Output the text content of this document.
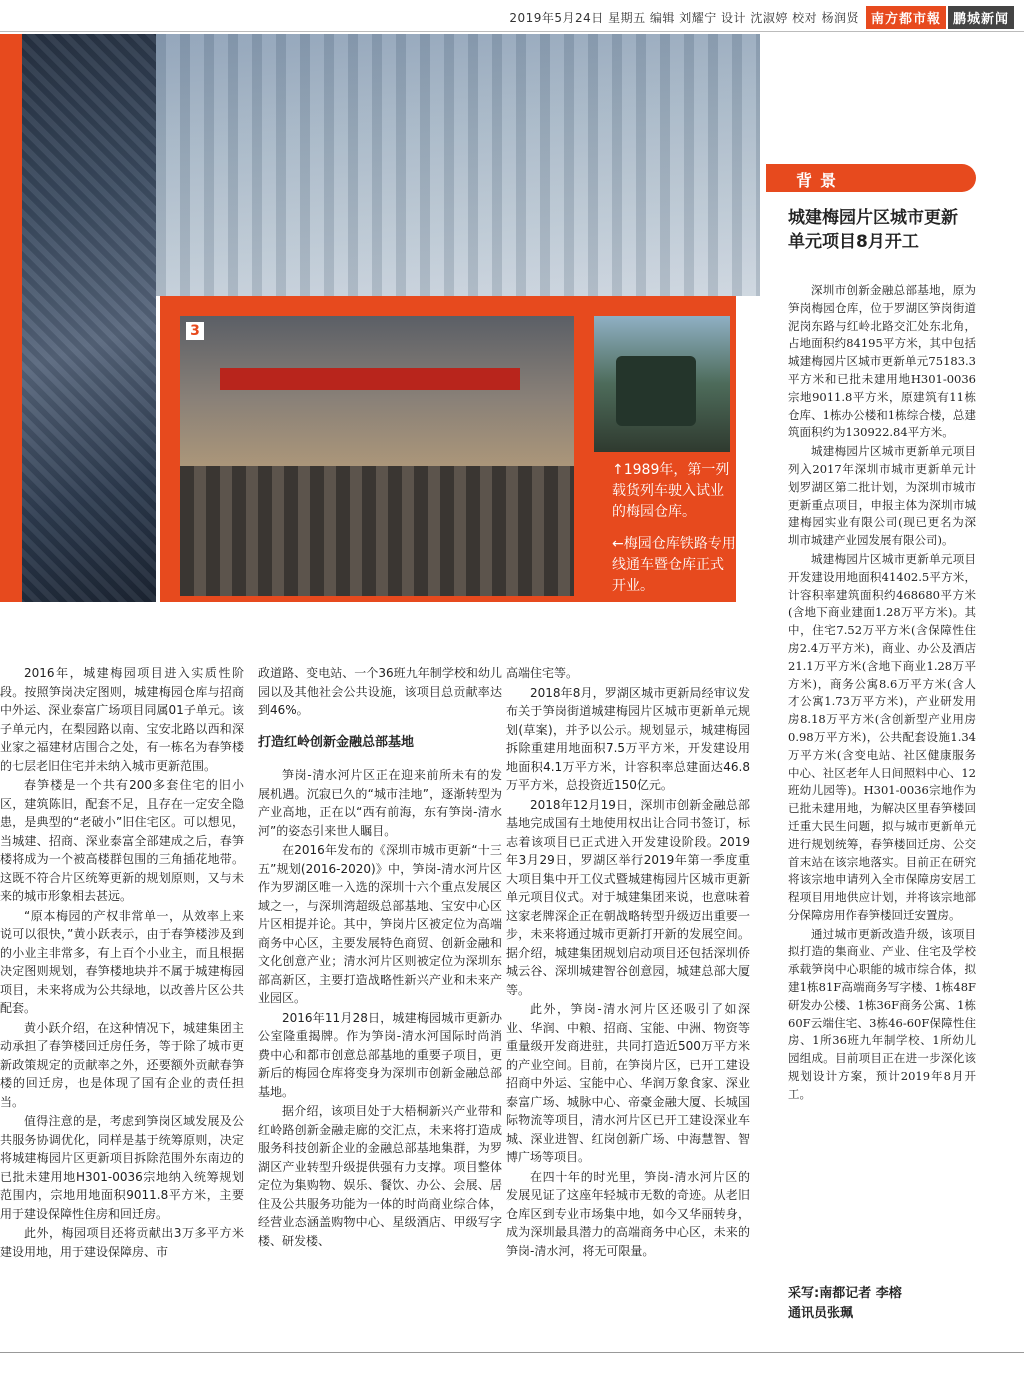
2019年5月24日 星期五 编辑 刘耀宁 设计 沈淑婷 校对 杨润贤 南方都市報 鹏城新闻
3
↑1989年，第一列载货列车驶入试业的梅园仓库。
←梅园仓库铁路专用线通车暨仓库正式开业。
背景
城建梅园片区城市更新单元项目8月开工

深圳市创新金融总部基地，原为笋岗梅园仓库，位于罗湖区笋岗街道泥岗东路与红岭北路交汇处东北角，占地面积约84195平方米，其中包括城建梅园片区城市更新单元75183.3平方米和已批未建用地H301-0036宗地9011.8平方米，原建筑有11栋仓库、1栋办公楼和1栋综合楼，总建筑面积约为130922.84平方米。

城建梅园片区城市更新单元项目列入2017年深圳市城市更新单元计划罗湖区第二批计划，为深圳市城市更新重点项目，申报主体为深圳市城建梅园实业有限公司(现已更名为深圳市城建产业园发展有限公司)。

城建梅园片区城市更新单元项目开发建设用地面积41402.5平方米，计容积率建筑面积约468680平方米(含地下商业建面1.28万平方米)。其中，住宅7.52万平方米(含保障性住房2.4万平方米)，商业、办公及酒店21.1万平方米(含地下商业1.28万平方米)，商务公寓8.6万平方米(含人才公寓1.73万平方米)，产业研发用房8.18万平方米(含创新型产业用房0.98万平方米)，公共配套设施1.34万平方米(含变电站、社区健康服务中心、社区老年人日间照料中心、12班幼儿园等)。H301-0036宗地作为已批未建用地，为解决区里春笋楼回迁重大民生问题，拟与城市更新单元进行规划统筹，春笋楼回迁房、公交首末站在该宗地落实。目前正在研究将该宗地申请列入全市保障房安居工程项目用地供应计划，并将该宗地部分保障房用作春笋楼回迁安置房。

通过城市更新改造升级，该项目拟打造的集商业、产业、住宅及学校承载笋岗中心职能的城市综合体，拟建1栋81F高端商务写字楼、1栋48F研发办公楼、1栋36F商务公寓、1栋60F云端住宅、3栋46-60F保障性住房、1所36班九年制学校、1所幼儿园组成。目前项目正在进一步深化该规划设计方案，预计2019年8月开工。

采写:南都记者 李榕
通讯员张珮

2016年，城建梅园项目进入实质性阶段。按照笋岗决定图则，城建梅园仓库与招商中外运、深业泰富广场项目同属01子单元。该子单元内，在梨园路以南、宝安北路以西和深业家之福建材店围合之处，有一栋名为春笋楼的七层老旧住宅并未纳入城市更新范围。

春笋楼是一个共有200多套住宅的旧小区，建筑陈旧，配套不足，且存在一定安全隐患，是典型的“老破小”旧住宅区。可以想见，当城建、招商、深业泰富全部建成之后，春笋楼将成为一个被高楼群包围的三角插花地带。这既不符合片区统筹更新的规划原则，又与未来的城市形象相去甚远。

“原本梅园的产权非常单一，从效率上来说可以很快，”黄小跃表示，由于春笋楼涉及到的小业主非常多，有上百个小业主，而且根据决定图则规划，春笋楼地块并不属于城建梅园项目，未来将成为公共绿地，以改善片区公共配套。

黄小跃介绍，在这种情况下，城建集团主动承担了春笋楼回迁房任务，等于除了城市更新政策规定的贡献率之外，还要额外贡献春笋楼的回迁房，也是体现了国有企业的责任担当。

值得注意的是，考虑到笋岗区域发展及公共服务协调优化，同样是基于统筹原则，决定将城建梅园片区更新项目拆除范围外东南边的已批未建用地H301-0036宗地纳入统筹规划范围内，宗地用地面积9011.8平方米，主要用于建设保障性住房和回迁房。

此外，梅园项目还将贡献出3万多平方米建设用地，用于建设保障房、市

政道路、变电站、一个36班九年制学校和幼儿园以及其他社会公共设施，该项目总贡献率达到46%。

打造红岭创新金融总部基地

笋岗-清水河片区正在迎来前所未有的发展机遇。沉寂已久的“城市洼地”，逐渐转型为产业高地，正在以“西有前海，东有笋岗-清水河”的姿态引来世人瞩目。

在2016年发布的《深圳市城市更新“十三五”规划(2016-2020)》中，笋岗-清水河片区作为罗湖区唯一入选的深圳十六个重点发展区域之一，与深圳湾超级总部基地、宝安中心区片区相提并论。其中，笋岗片区被定位为高端商务中心区，主要发展特色商贸、创新金融和文化创意产业；清水河片区则被定位为深圳东部高新区，主要打造战略性新兴产业和未来产业园区。

2016年11月28日，城建梅园城市更新办公室隆重揭牌。作为笋岗-清水河国际时尚消费中心和都市创意总部基地的重要子项目，更新后的梅园仓库将变身为深圳市创新金融总部基地。

据介绍，该项目处于大梧桐新兴产业带和红岭路创新金融走廊的交汇点，未来将打造成服务科技创新企业的金融总部基地集群，为罗湖区产业转型升级提供强有力支撑。项目整体定位为集购物、娱乐、餐饮、办公、会展、居住及公共服务功能为一体的时尚商业综合体，经营业态涵盖购物中心、星级酒店、甲级写字楼、研发楼、

高端住宅等。

2018年8月，罗湖区城市更新局经审议发布关于笋岗街道城建梅园片区城市更新单元规划(草案)，并予以公示。规划显示，城建梅园拆除重建用地面积7.5万平方米，开发建设用地面积4.1万平方米，计容积率总建面达46.8万平方米，总投资近150亿元。

2018年12月19日，深圳市创新金融总部基地完成国有土地使用权出让合同书签订，标志着该项目已正式进入开发建设阶段。2019年3月29日，罗湖区举行2019年第一季度重大项目集中开工仪式暨城建梅园片区城市更新单元项目仪式。对于城建集团来说，也意味着这家老牌深企正在朝战略转型升级迈出重要一步，未来将通过城市更新打开新的发展空间。据介绍，城建集团规划启动项目还包括深圳侨城云谷、深圳城建智谷创意园，城建总部大厦等。

此外，笋岗-清水河片区还吸引了如深业、华润、中粮、招商、宝能、中洲、物资等重量级开发商进驻，共同打造近500万平方米的产业空间。目前，在笋岗片区，已开工建设招商中外运、宝能中心、华润万象食家、深业泰富广场、城脉中心、帝豪金融大厦、长城国际物流等项目，清水河片区已开工建设深业车城、深业进智、红岗创新广场、中海慧智、智博广场等项目。

在四十年的时光里，笋岗-清水河片区的发展见证了这座年轻城市无数的奇迹。从老旧仓库区到专业市场集中地，如今又华丽转身，成为深圳最具潜力的高端商务中心区，未来的笋岗-清水河，将无可限量。
